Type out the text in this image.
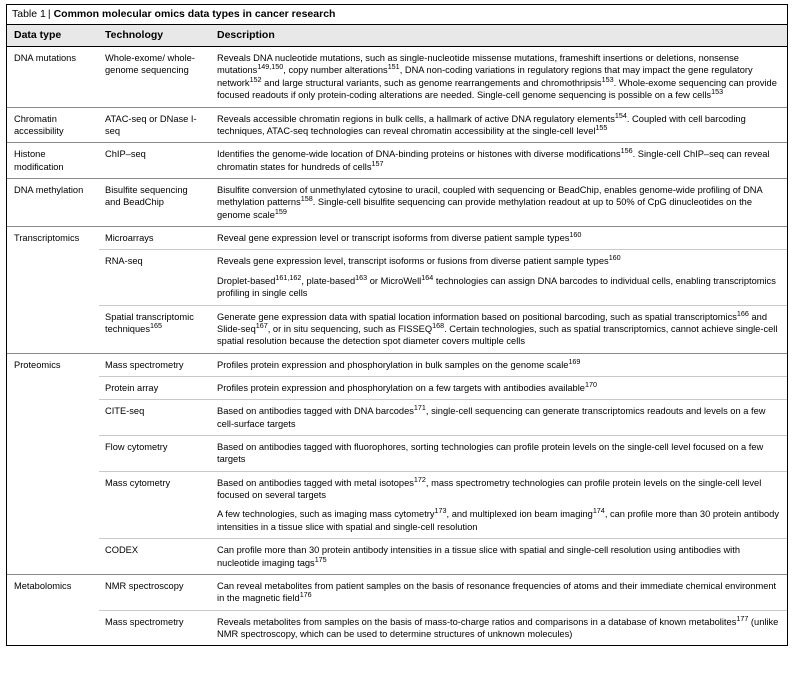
Table 1 | Common molecular omics data types in cancer research
Data type	Technology	Description
DNA mutations	Whole-exome/ whole-genome sequencing	Reveals DNA nucleotide mutations, such as single-nucleotide missense mutations, frameshift insertions or deletions, nonsense mutations$^{149,150}$, copy number alterations$^{151}$, DNA non-coding variations in regulatory regions that may impact the gene regulatory network$^{152}$ and large structural variants, such as genome rearrangements and chromothripsis$^{153}$. Whole-exome sequencing can provide focused readouts if only protein-coding alterations are needed. Single-cell genome sequencing is possible on a few cells$^{153}$
Chromatin accessibility	ATAC-seq or DNase I-seq	Reveals accessible chromatin regions in bulk cells, a hallmark of active DNA regulatory elements$^{154}$. Coupled with cell barcoding techniques, ATAC-seq technologies can reveal chromatin accessibility at the single-cell level$^{155}$
Histone modification	ChIP–seq	Identifies the genome-wide location of DNA-binding proteins or histones with diverse modifications$^{156}$. Single-cell ChIP–seq can reveal chromatin states for hundreds of cells$^{157}$
DNA methylation	Bisulfite sequencing and BeadChip	Bisulfite conversion of unmethylated cytosine to uracil, coupled with sequencing or BeadChip, enables genome-wide profiling of DNA methylation patterns$^{158}$. Single-cell bisulfite sequencing can provide methylation readout at up to 50% of CpG dinucleotides on the genome scale$^{159}$
Transcriptomics	Microarrays	Reveal gene expression level or transcript isoforms from diverse patient sample types$^{160}$
	RNA-seq	Reveals gene expression level, transcript isoforms or fusions from diverse patient sample types$^{160}$
		Droplet-based$^{161,162}$, plate-based$^{163}$ or MicroWell$^{164}$ technologies can assign DNA barcodes to individual cells, enabling transcriptomics profiling in single cells
	Spatial transcriptomic techniques$^{165}$	Generate gene expression data with spatial location information based on positional barcoding, such as spatial transcriptomics$^{166}$ and Slide-seq$^{167}$, or in situ sequencing, such as FISSEQ$^{168}$. Certain technologies, such as spatial transcriptomics, cannot achieve single-cell spatial resolution because the detection spot diameter covers multiple cells
Proteomics	Mass spectrometry	Profiles protein expression and phosphorylation in bulk samples on the genome scale$^{169}$
	Protein array	Profiles protein expression and phosphorylation on a few targets with antibodies available$^{170}$
	CITE-seq	Based on antibodies tagged with DNA barcodes$^{171}$, single-cell sequencing can generate transcriptomics readouts and levels on a few cell-surface targets
	Flow cytometry	Based on antibodies tagged with fluorophores, sorting technologies can profile protein levels on the single-cell level focused on a few targets
	Mass cytometry	Based on antibodies tagged with metal isotopes$^{172}$, mass spectrometry technologies can profile protein levels on the single-cell level focused on several targets
		A few technologies, such as imaging mass cytometry$^{173}$, and multiplexed ion beam imaging$^{174}$, can profile more than 30 protein antibody intensities in a tissue slice with spatial and single-cell resolution
	CODEX	Can profile more than 30 protein antibody intensities in a tissue slice with spatial and single-cell resolution using antibodies with nucleotide imaging tags$^{175}$
Metabolomics	NMR spectroscopy	Can reveal metabolites from patient samples on the basis of resonance frequencies of atoms and their immediate chemical environment in the magnetic field$^{176}$
	Mass spectrometry	Reveals metabolites from samples on the basis of mass-to-charge ratios and comparisons in a database of known metabolites$^{177}$ (unlike NMR spectroscopy, which can be used to determine structures of unknown molecules)
